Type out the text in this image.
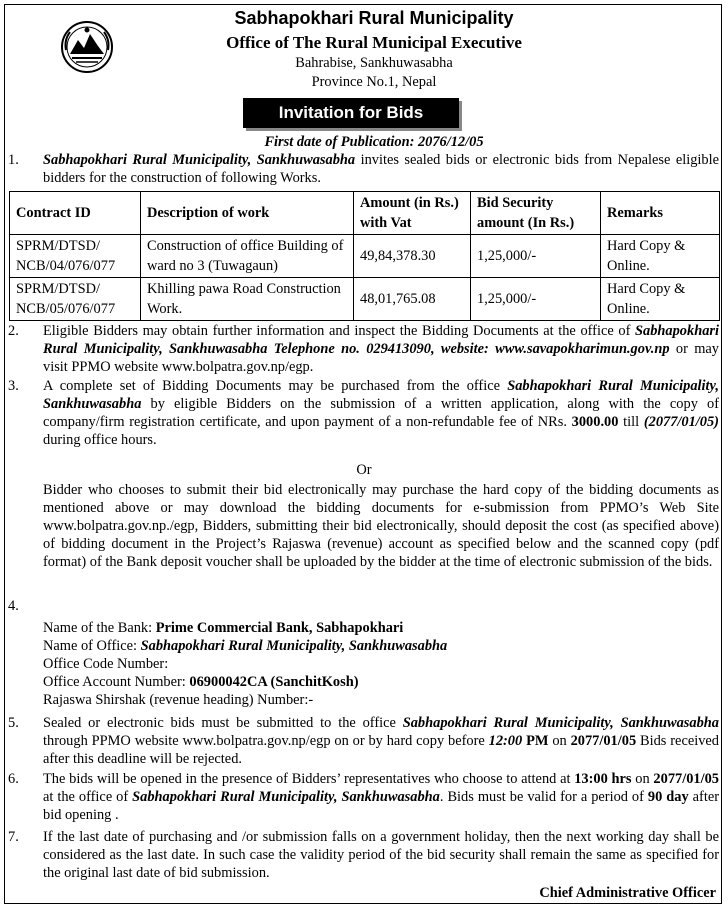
Sabhapokhari Rural Municipality
Office of The Rural Municipal Executive
Bahrabise, Sankhuwasabha
Province No.1, Nepal
Invitation for Bids
First date of Publication: 2076/12/05
1. Sabhapokhari Rural Municipality, Sankhuwasabha invites sealed bids or electronic bids from Nepalese eligible bidders for the construction of following Works.
Contract ID	Description of work	Amount (in Rs.) with Vat	Bid Security amount (In Rs.)	Remarks
SPRM/DTSD/ NCB/04/076/077	Construction of office Building of ward no 3 (Tuwagaun)	49,84,378.30	1,25,000/-	Hard Copy & Online.
SPRM/DTSD/ NCB/05/076/077	Khilling pawa Road Construction Work.	48,01,765.08	1,25,000/-	Hard Copy & Online.
2. Eligible Bidders may obtain further information and inspect the Bidding Documents at the office of Sabhapokhari Rural Municipality, Sankhuwasabha Telephone no. 029413090, website: www.savapokharimun.gov.np or may visit PPMO website www.bolpatra.gov.np/egp.
3. A complete set of Bidding Documents may be purchased from the office Sabhapokhari Rural Municipality, Sankhuwasabha by eligible Bidders on the submission of a written application, along with the copy of company/firm registration certificate, and upon payment of a non-refundable fee of NRs. 3000.00 till (2077/01/05) during office hours.
Or
Bidder who chooses to submit their bid electronically may purchase the hard copy of the bidding documents as mentioned above or may download the bidding documents for e-submission from PPMO’s Web Site www.bolpatra.gov.np./egp, Bidders, submitting their bid electronically, should deposit the cost (as specified above) of bidding document in the Project’s Rajaswa (revenue) account as specified below and the scanned copy (pdf format) of the Bank deposit voucher shall be uploaded by the bidder at the time of electronic submission of the bids.
4.
Name of the Bank: Prime Commercial Bank, Sabhapokhari
Name of Office: Sabhapokhari Rural Municipality, Sankhuwasabha
Office Code Number:
Office Account Number: 06900042CA (SanchitKosh)
Rajaswa Shirshak (revenue heading) Number:-
5. Sealed or electronic bids must be submitted to the office Sabhapokhari Rural Municipality, Sankhuwasabha through PPMO website www.bolpatra.gov.np/egp on or by hard copy before 12:00 PM on 2077/01/05 Bids received after this deadline will be rejected.
6. The bids will be opened in the presence of Bidders’ representatives who choose to attend at 13:00 hrs on 2077/01/05 at the office of Sabhapokhari Rural Municipality, Sankhuwasabha. Bids must be valid for a period of 90 day after bid opening .
7. If the last date of purchasing and /or submission falls on a government holiday, then the next working day shall be considered as the last date. In such case the validity period of the bid security shall remain the same as specified for the original last date of bid submission.
Chief Administrative Officer
